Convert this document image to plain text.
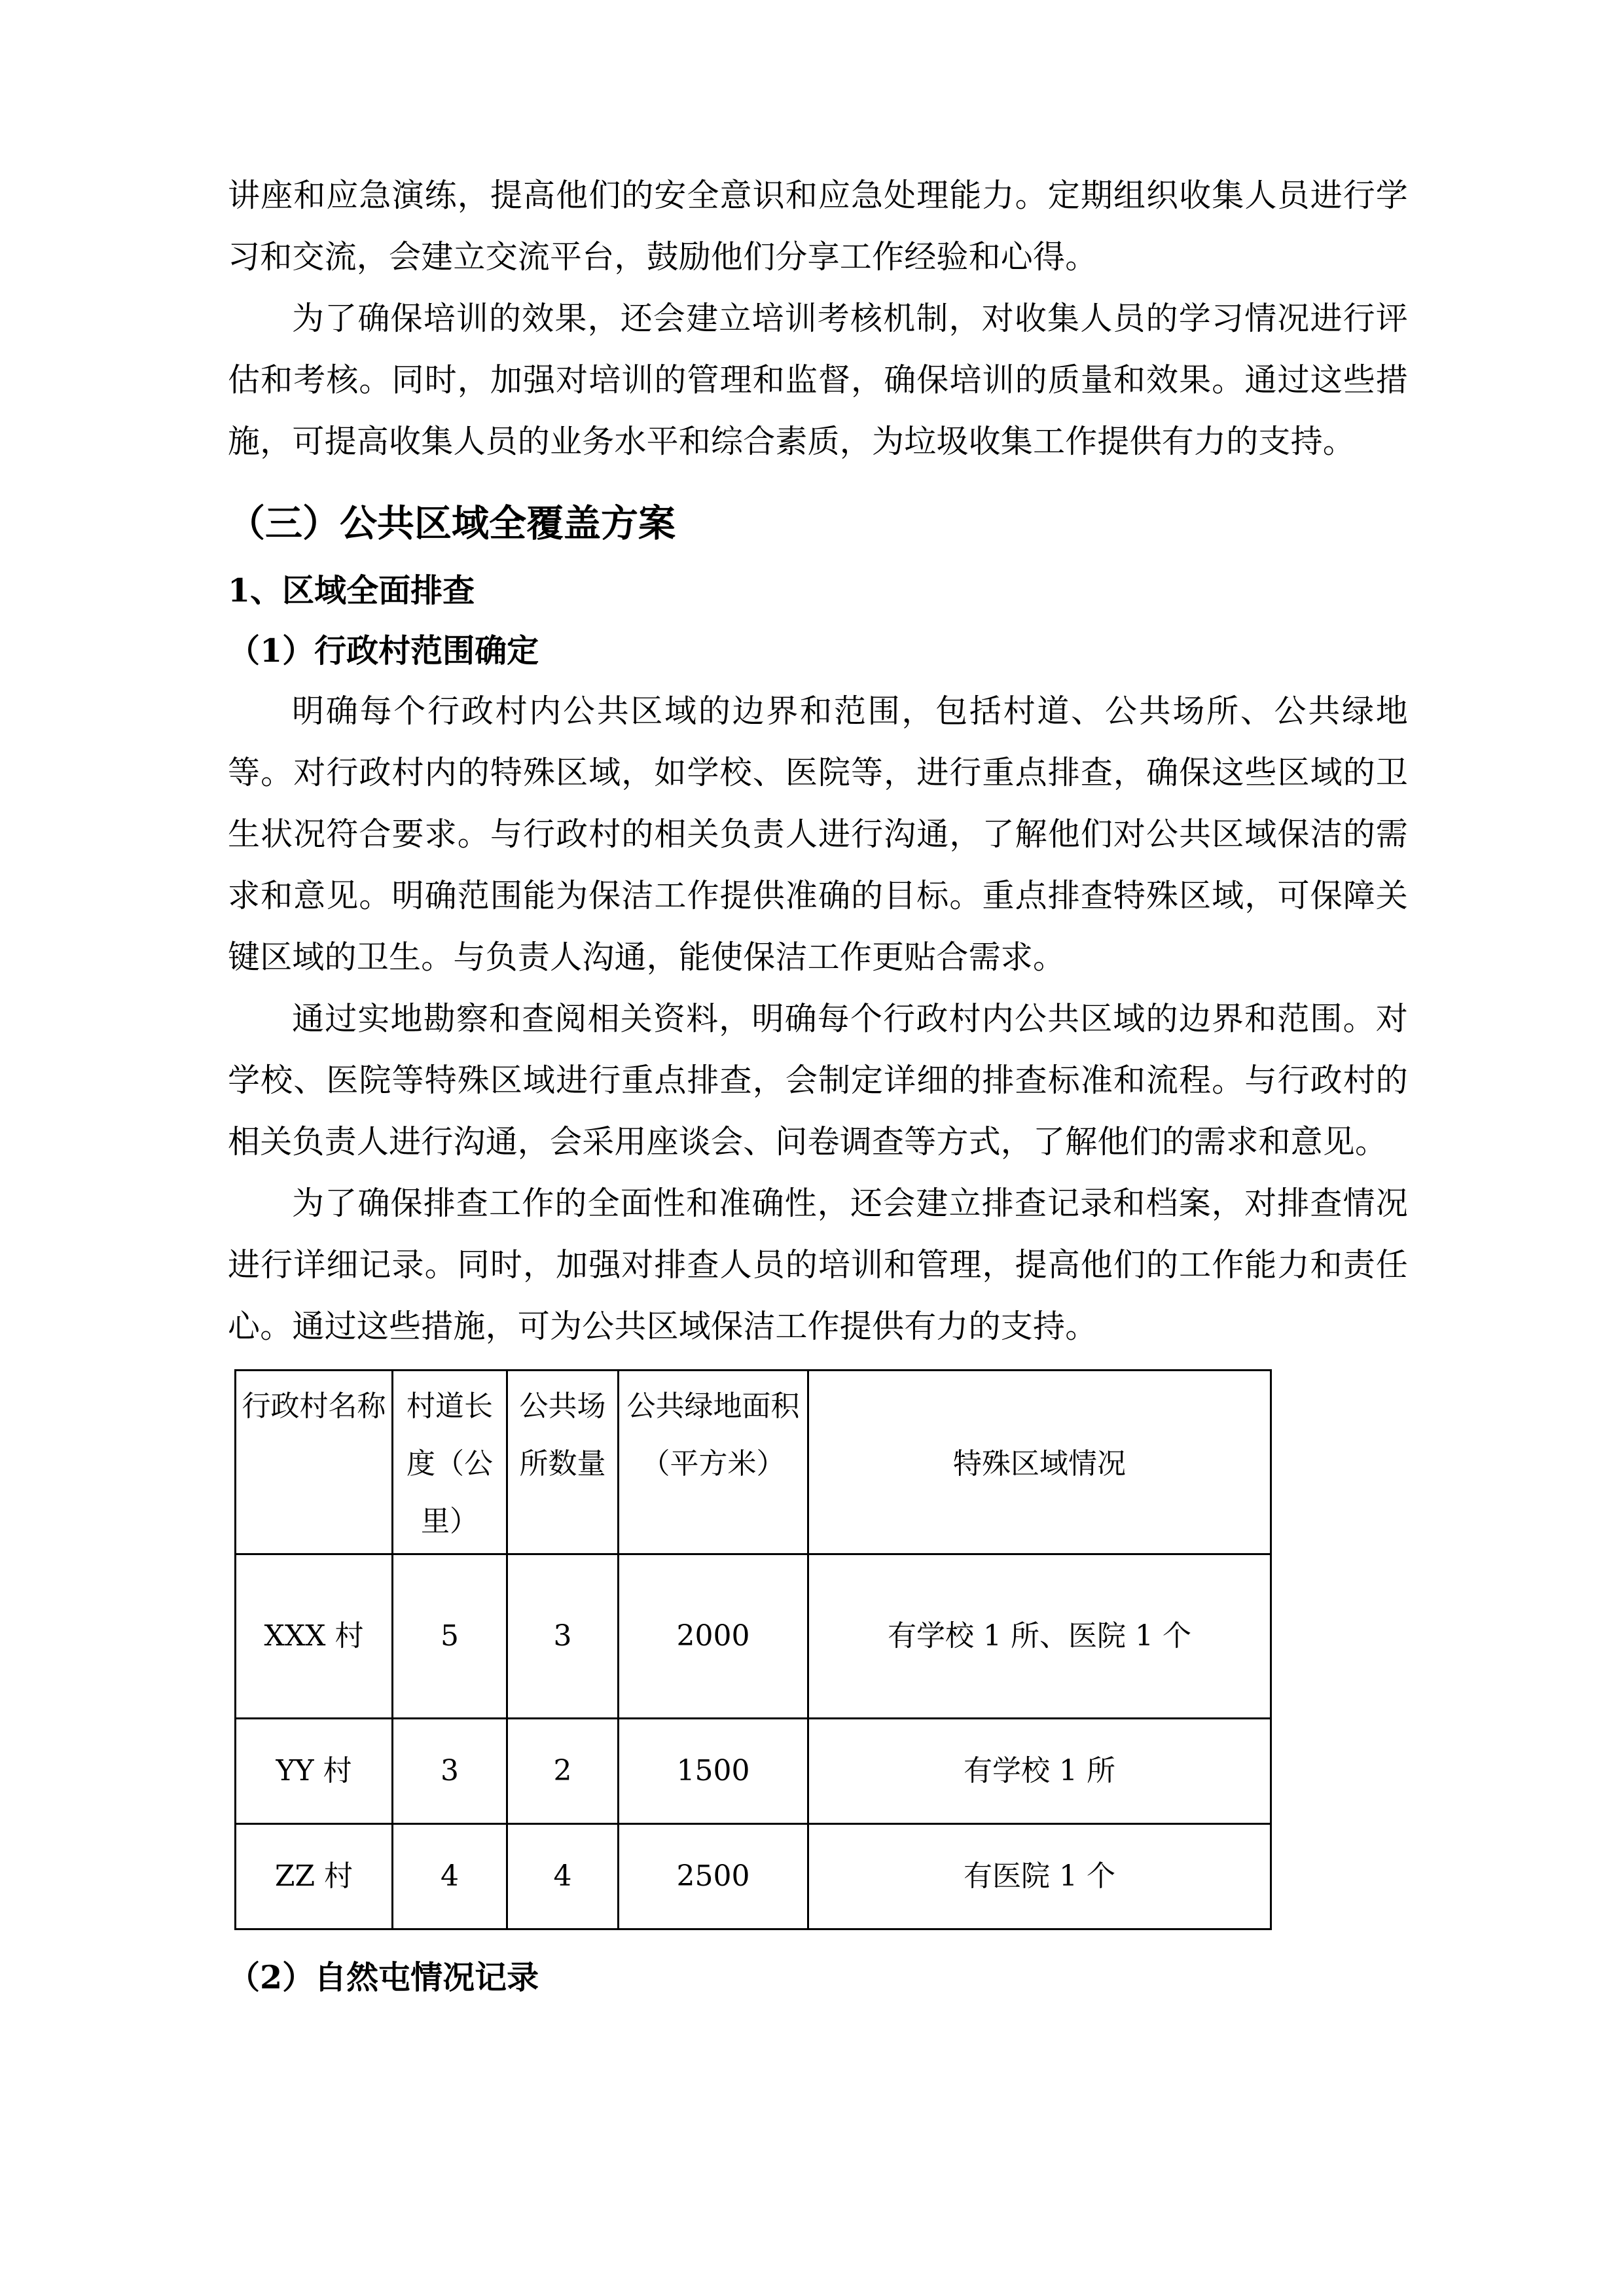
讲座和应急演练，提高他们的安全意识和应急处理能力。定期组织收集人员进行学习和交流，会建立交流平台，鼓励他们分享工作经验和心得。

为了确保培训的效果，还会建立培训考核机制，对收集人员的学习情况进行评估和考核。同时，加强对培训的管理和监督，确保培训的质量和效果。通过这些措施，可提高收集人员的业务水平和综合素质，为垃圾收集工作提供有力的支持。

（三）公共区域全覆盖方案
1、区域全面排查
（1）行政村范围确定

明确每个行政村内公共区域的边界和范围，包括村道、公共场所、公共绿地等。对行政村内的特殊区域，如学校、医院等，进行重点排查，确保这些区域的卫生状况符合要求。与行政村的相关负责人进行沟通，了解他们对公共区域保洁的需求和意见。明确范围能为保洁工作提供准确的目标。重点排查特殊区域，可保障关键区域的卫生。与负责人沟通，能使保洁工作更贴合需求。

通过实地勘察和查阅相关资料，明确每个行政村内公共区域的边界和范围。对学校、医院等特殊区域进行重点排查，会制定详细的排查标准和流程。与行政村的相关负责人进行沟通，会采用座谈会、问卷调查等方式，了解他们的需求和意见。

为了确保排查工作的全面性和准确性，还会建立排查记录和档案，对排查情况进行详细记录。同时，加强对排查人员的培训和管理，提高他们的工作能力和责任心。通过这些措施，可为公共区域保洁工作提供有力的支持。

行政村名称	村道长度（公里）	公共场所数量	公共绿地面积（平方米）	特殊区域情况
XXX 村	5	3	2000	有学校 1 所、医院 1 个
YY 村	3	2	1500	有学校 1 所
ZZ 村	4	4	2500	有医院 1 个
（2）自然屯情况记录
